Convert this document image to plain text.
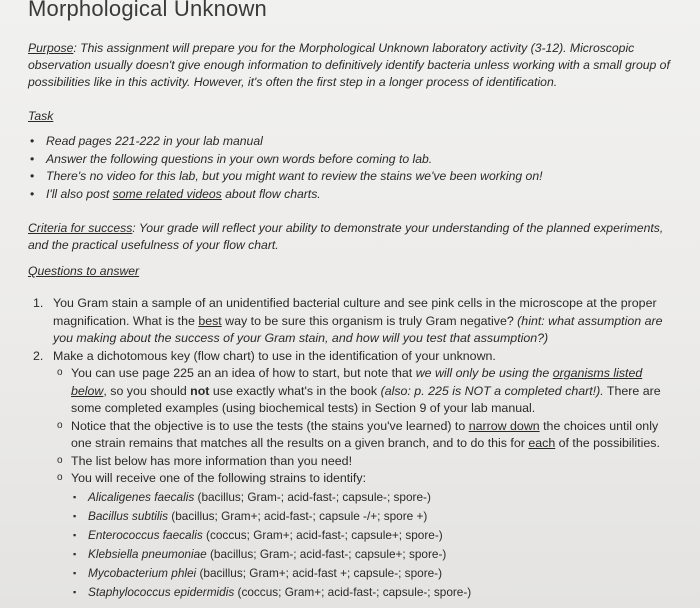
Morphological Unknown
Purpose: This assignment will prepare you for the Morphological Unknown laboratory activity (3-12). Microscopic observation usually doesn't give enough information to definitively identify bacteria unless working with a small group of possibilities like in this activity. However, it's often the first step in a longer process of identification.
Task
• Read pages 221-222 in your lab manual
• Answer the following questions in your own words before coming to lab.
• There's no video for this lab, but you might want to review the stains we've been working on!
• I'll also post some related videos about flow charts.
Criteria for success: Your grade will reflect your ability to demonstrate your understanding of the planned experiments, and the practical usefulness of your flow chart.
Questions to answer
1. You Gram stain a sample of an unidentified bacterial culture and see pink cells in the microscope at the proper magnification. What is the best way to be sure this organism is truly Gram negative? (hint: what assumption are you making about the success of your Gram stain, and how will you test that assumption?)
2. Make a dichotomous key (flow chart) to use in the identification of your unknown.
o You can use page 225 an an idea of how to start, but note that we will only be using the organisms listed below, so you should not use exactly what's in the book (also: p. 225 is NOT a completed chart!). There are some completed examples (using biochemical tests) in Section 9 of your lab manual.
o Notice that the objective is to use the tests (the stains you've learned) to narrow down the choices until only one strain remains that matches all the results on a given branch, and to do this for each of the possibilities.
o The list below has more information than you need!
o You will receive one of the following strains to identify:
▪ Alicaligenes faecalis (bacillus; Gram-; acid-fast-; capsule-; spore-)
▪ Bacillus subtilis (bacillus; Gram+; acid-fast-; capsule -/+; spore +)
▪ Enterococcus faecalis (coccus; Gram+; acid-fast-; capsule+; spore-)
▪ Klebsiella pneumoniae (bacillus; Gram-; acid-fast-; capsule+; spore-)
▪ Mycobacterium phlei (bacillus; Gram+; acid-fast +; capsule-; spore-)
▪ Staphylococcus epidermidis (coccus; Gram+; acid-fast-; capsule-; spore-)
